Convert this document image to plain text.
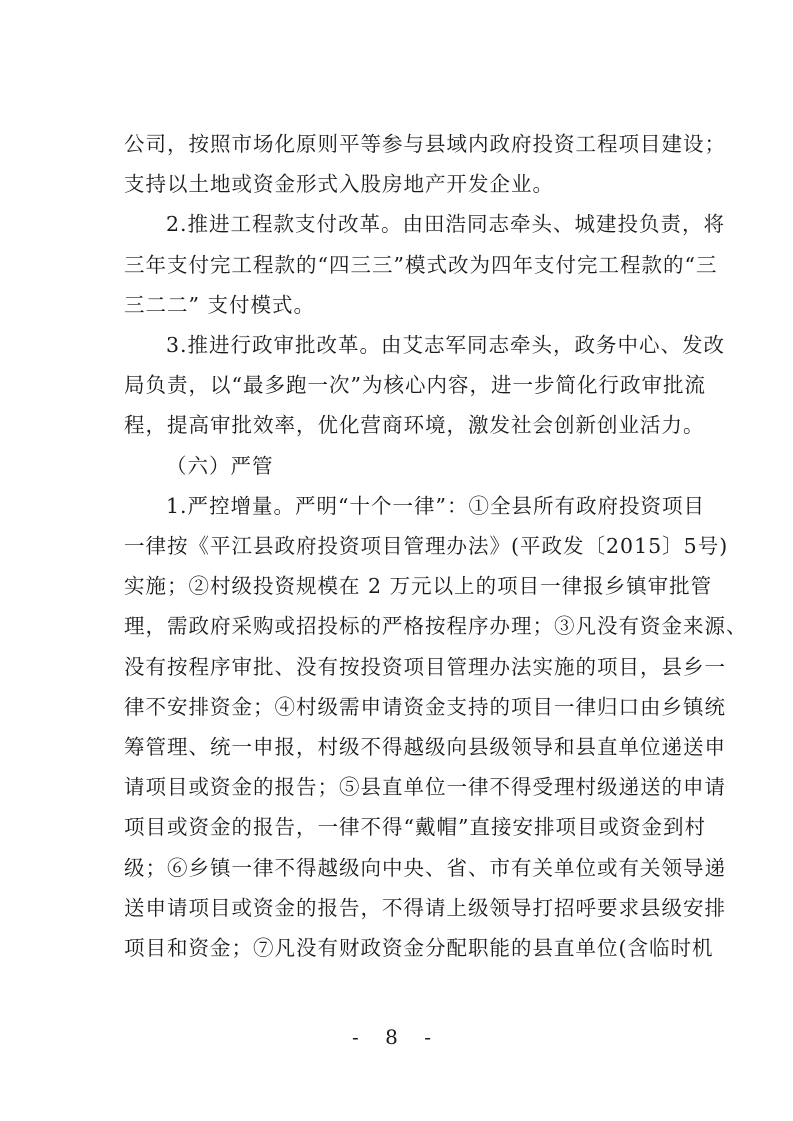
公司，按照市场化原则平等参与县域内政府投资工程项目建设；
支持以土地或资金形式入股房地产开发企业。
2.推进工程款支付改革。由田浩同志牵头、城建投负责，将
三年支付完工程款的“四三三”模式改为四年支付完工程款的“三
三二二” 支付模式。
3.推进行政审批改革。由艾志军同志牵头，政务中心、发改
局负责，以“最多跑一次”为核心内容，进一步简化行政审批流
程，提高审批效率，优化营商环境，激发社会创新创业活力。
（六）严管
1.严控增量。严明“十个一律”：①全县所有政府投资项目
一律按《平江县政府投资项目管理办法》(平政发〔2015〕5号)
实施；②村级投资规模在 2 万元以上的项目一律报乡镇审批管
理，需政府采购或招投标的严格按程序办理；③凡没有资金来源、
没有按程序审批、没有按投资项目管理办法实施的项目，县乡一
律不安排资金；④村级需申请资金支持的项目一律归口由乡镇统
筹管理、统一申报，村级不得越级向县级领导和县直单位递送申
请项目或资金的报告；⑤县直单位一律不得受理村级递送的申请
项目或资金的报告，一律不得“戴帽”直接安排项目或资金到村
级；⑥乡镇一律不得越级向中央、省、市有关单位或有关领导递
送申请项目或资金的报告，不得请上级领导打招呼要求县级安排
项目和资金；⑦凡没有财政资金分配职能的县直单位(含临时机
- 8 -
